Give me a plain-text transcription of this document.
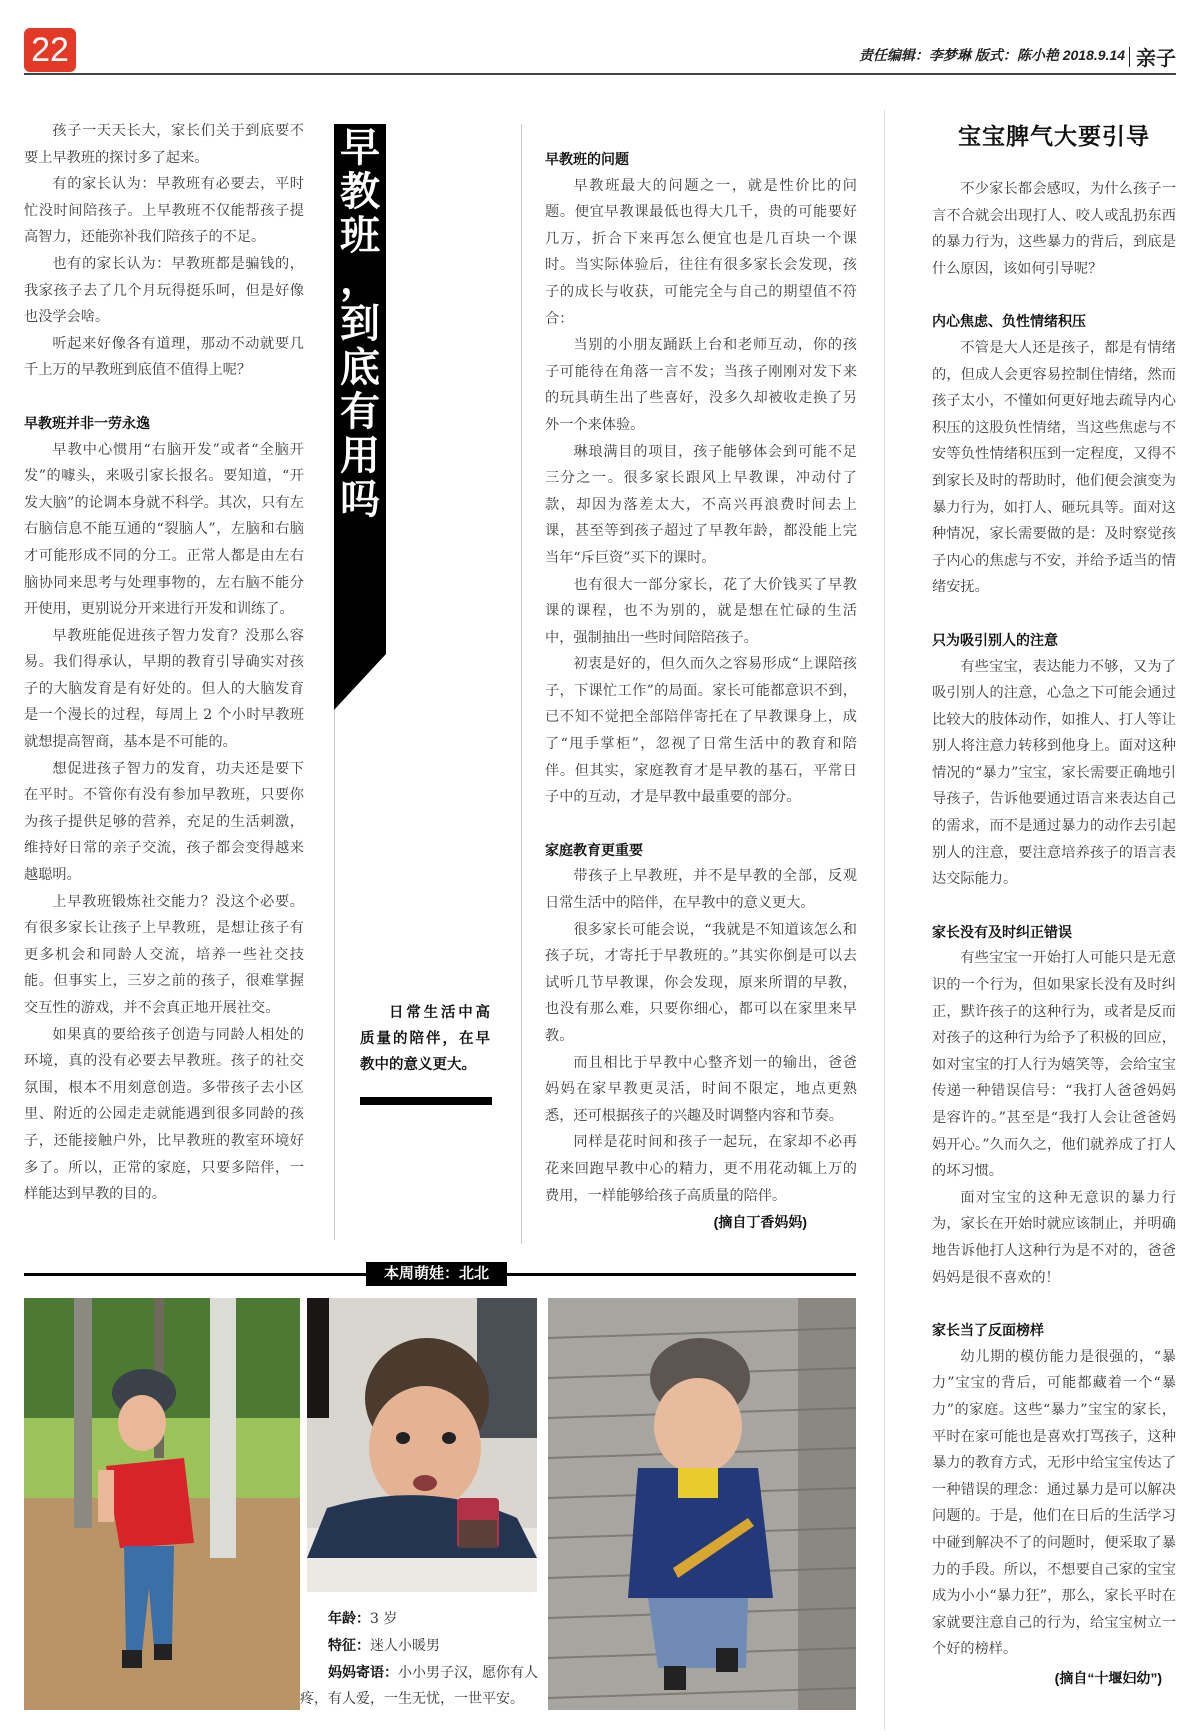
22	责任编辑：李梦琳 版式：陈小艳 2018.9.14 亲子

孩子一天天长大，家长们关于到底要不要上早教班的探讨多了起来。

有的家长认为：早教班有必要去，平时忙没时间陪孩子。上早教班不仅能帮孩子提高智力，还能弥补我们陪孩子的不足。

也有的家长认为：早教班都是骗钱的，我家孩子去了几个月玩得挺乐呵，但是好像也没学会啥。

听起来好像各有道理，那动不动就要几千上万的早教班到底值不值得上呢？

早教班并非一劳永逸

早教中心惯用“右脑开发”或者“全脑开发”的噱头，来吸引家长报名。要知道，“开发大脑”的论调本身就不科学。其次，只有左右脑信息不能互通的“裂脑人”，左脑和右脑才可能形成不同的分工。正常人都是由左右脑协同来思考与处理事物的，左右脑不能分开使用，更别说分开来进行开发和训练了。

早教班能促进孩子智力发育？没那么容易。我们得承认，早期的教育引导确实对孩子的大脑发育是有好处的。但人的大脑发育是一个漫长的过程，每周上 2 个小时早教班就想提高智商，基本是不可能的。

想促进孩子智力的发育，功夫还是要下在平时。不管你有没有参加早教班，只要你为孩子提供足够的营养，充足的生活刺激，维持好日常的亲子交流，孩子都会变得越来越聪明。

上早教班锻炼社交能力？没这个必要。有很多家长让孩子上早教班，是想让孩子有更多机会和同龄人交流，培养一些社交技能。但事实上，三岁之前的孩子，很难掌握交互性的游戏，并不会真正地开展社交。

如果真的要给孩子创造与同龄人相处的环境，真的没有必要去早教班。孩子的社交氛围，根本不用刻意创造。多带孩子去小区里、附近的公园走走就能遇到很多同龄的孩子，还能接触户外，比早教班的教室环境好多了。所以，正常的家庭，只要多陪伴，一样能达到早教的目的。

早
教
班
，
到
底
有
用
吗
日常生活中高质量的陪伴，在早教中的意义更大。
早教班的问题

早教班最大的问题之一，就是性价比的问题。便宜早教课最低也得大几千，贵的可能要好几万，折合下来再怎么便宜也是几百块一个课时。当实际体验后，往往有很多家长会发现，孩子的成长与收获，可能完全与自己的期望值不符合：

当别的小朋友踊跃上台和老师互动，你的孩子可能待在角落一言不发；当孩子刚刚对发下来的玩具萌生出了些喜好，没多久却被收走换了另外一个来体验。

琳琅满目的项目，孩子能够体会到可能不足三分之一。很多家长跟风上早教课，冲动付了款，却因为落差太大，不高兴再浪费时间去上课，甚至等到孩子超过了早教年龄，都没能上完当年“斥巨资”买下的课时。

也有很大一部分家长，花了大价钱买了早教课的课程，也不为别的，就是想在忙碌的生活中，强制抽出一些时间陪陪孩子。

初衷是好的，但久而久之容易形成“上课陪孩子，下课忙工作”的局面。家长可能都意识不到，已不知不觉把全部陪伴寄托在了早教课身上，成了“甩手掌柜”，忽视了日常生活中的教育和陪伴。但其实，家庭教育才是早教的基石，平常日子中的互动，才是早教中最重要的部分。

家庭教育更重要

带孩子上早教班，并不是早教的全部，反观日常生活中的陪伴，在早教中的意义更大。

很多家长可能会说，“我就是不知道该怎么和孩子玩，才寄托于早教班的。”其实你倒是可以去试听几节早教课，你会发现，原来所谓的早教，也没有那么难，只要你细心，都可以在家里来早教。

而且相比于早教中心整齐划一的输出，爸爸妈妈在家早教更灵活，时间不限定，地点更熟悉，还可根据孩子的兴趣及时调整内容和节奏。

同样是花时间和孩子一起玩，在家却不必再花来回跑早教中心的精力，更不用花动辄上万的费用，一样能够给孩子高质量的陪伴。

(摘自丁香妈妈)
宝宝脾气大要引导

不少家长都会感叹，为什么孩子一言不合就会出现打人、咬人或乱扔东西的暴力行为，这些暴力的背后，到底是什么原因，该如何引导呢？

内心焦虑、负性情绪积压

不管是大人还是孩子，都是有情绪的，但成人会更容易控制住情绪，然而孩子太小，不懂如何更好地去疏导内心积压的这股负性情绪，当这些焦虑与不安等负性情绪积压到一定程度，又得不到家长及时的帮助时，他们便会演变为暴力行为，如打人、砸玩具等。面对这种情况，家长需要做的是：及时察觉孩子内心的焦虑与不安，并给予适当的情绪安抚。

只为吸引别人的注意

有些宝宝，表达能力不够，又为了吸引别人的注意，心急之下可能会通过比较大的肢体动作，如推人、打人等让别人将注意力转移到他身上。面对这种情况的“暴力”宝宝，家长需要正确地引导孩子，告诉他要通过语言来表达自己的需求，而不是通过暴力的动作去引起别人的注意，要注意培养孩子的语言表达交际能力。

家长没有及时纠正错误

有些宝宝一开始打人可能只是无意识的一个行为，但如果家长没有及时纠正，默许孩子的这种行为，或者是反而对孩子的这种行为给予了积极的回应，如对宝宝的打人行为嬉笑等，会给宝宝传递一种错误信号：“我打人爸爸妈妈是容许的。”甚至是“我打人会让爸爸妈妈开心。”久而久之，他们就养成了打人的坏习惯。

面对宝宝的这种无意识的暴力行为，家长在开始时就应该制止，并明确地告诉他打人这种行为是不对的，爸爸妈妈是很不喜欢的！

家长当了反面榜样

幼儿期的模仿能力是很强的，“暴力”宝宝的背后，可能都藏着一个“暴力”的家庭。这些“暴力”宝宝的家长，平时在家可能也是喜欢打骂孩子，这种暴力的教育方式，无形中给宝宝传达了一种错误的理念：通过暴力是可以解决问题的。于是，他们在日后的生活学习中碰到解决不了的问题时，便采取了暴力的手段。所以，不想要自己家的宝宝成为小小“暴力狂”，那么，家长平时在家就要注意自己的行为，给宝宝树立一个好的榜样。

(摘自“十堰妇幼”)
本周萌娃：北北
年龄：3 岁
特征：迷人小暖男
妈妈寄语：小小男子汉，愿你有人疼，有人爱，一生无忧，一世平安。
